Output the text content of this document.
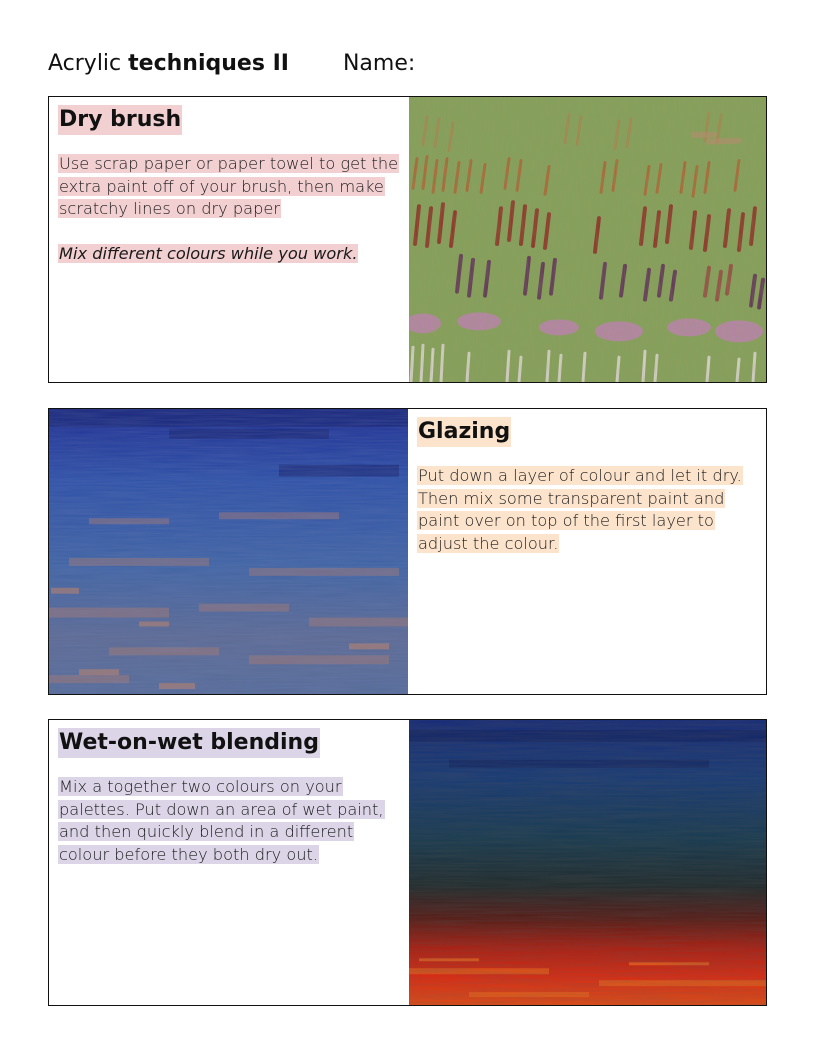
Acrylic
techniques II Name:
Dry brush

Use scrap paper or paper towel to get the extra paint off of your brush, then make scratchy lines on dry paper

Mix different colours while you work.

Glazing

Put down a layer of colour and let it dry. Then mix some transparent paint and paint over on top of the first layer to adjust the colour.

Wet-on-wet blending

Mix a together two colours on your palettes. Put down an area of wet paint, and then quickly blend in a different colour before they both dry out.
